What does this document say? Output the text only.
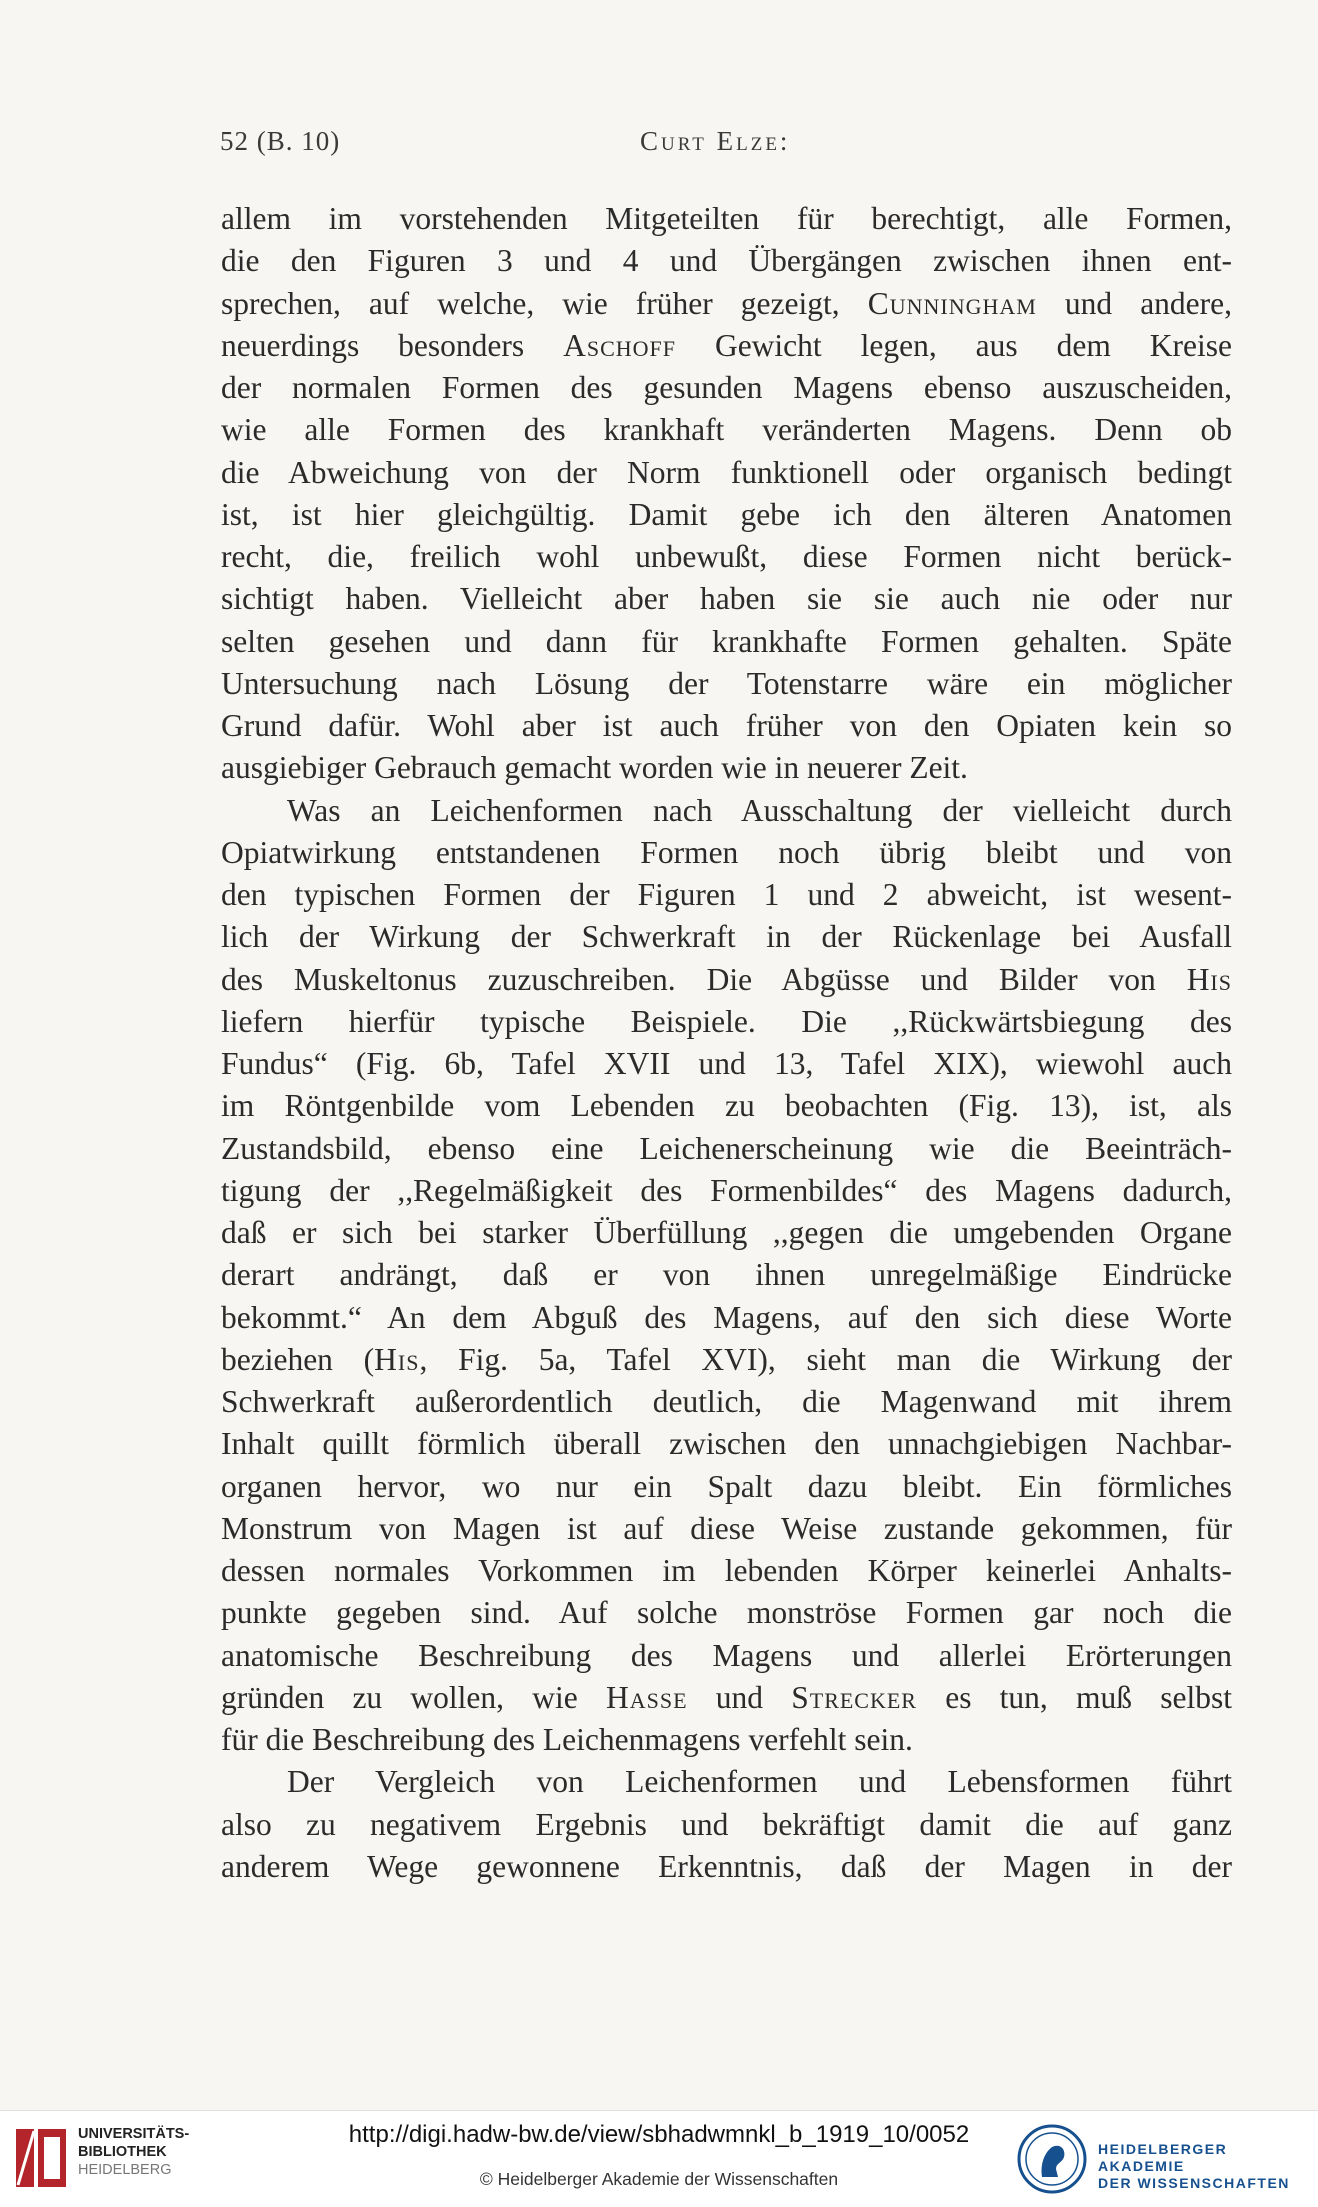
52 (B. 10)	Curt Elze:
allem im vorstehenden Mitgeteilten für berechtigt, alle Formen,
die den Figuren 3 und 4 und Übergängen zwischen ihnen ent-
sprechen, auf welche, wie früher gezeigt, Cunningham und andere,
neuerdings besonders Aschoff Gewicht legen, aus dem Kreise
der normalen Formen des gesunden Magens ebenso auszuscheiden,
wie alle Formen des krankhaft veränderten Magens. Denn ob
die Abweichung von der Norm funktionell oder organisch bedingt
ist, ist hier gleichgültig. Damit gebe ich den älteren Anatomen
recht, die, freilich wohl unbewußt, diese Formen nicht berück-
sichtigt haben. Vielleicht aber haben sie sie auch nie oder nur
selten gesehen und dann für krankhafte Formen gehalten. Späte
Untersuchung nach Lösung der Totenstarre wäre ein möglicher
Grund dafür. Wohl aber ist auch früher von den Opiaten kein so
ausgiebiger Gebrauch gemacht worden wie in neuerer Zeit.
Was an Leichenformen nach Ausschaltung der vielleicht durch
Opiatwirkung entstandenen Formen noch übrig bleibt und von
den typischen Formen der Figuren 1 und 2 abweicht, ist wesent-
lich der Wirkung der Schwerkraft in der Rückenlage bei Ausfall
des Muskeltonus zuzuschreiben. Die Abgüsse und Bilder von His
liefern hierfür typische Beispiele. Die ,,Rückwärtsbiegung des
Fundus“ (Fig. 6b, Tafel XVII und 13, Tafel XIX), wiewohl auch
im Röntgenbilde vom Lebenden zu beobachten (Fig. 13), ist, als
Zustandsbild, ebenso eine Leichenerscheinung wie die Beeinträch-
tigung der ,,Regelmäßigkeit des Formenbildes“ des Magens dadurch,
daß er sich bei starker Überfüllung ,,gegen die umgebenden Organe
derart andrängt, daß er von ihnen unregelmäßige Eindrücke
bekommt.“ An dem Abguß des Magens, auf den sich diese Worte
beziehen (His, Fig. 5a, Tafel XVI), sieht man die Wirkung der
Schwerkraft außerordentlich deutlich, die Magenwand mit ihrem
Inhalt quillt förmlich überall zwischen den unnachgiebigen Nachbar-
organen hervor, wo nur ein Spalt dazu bleibt. Ein förmliches
Monstrum von Magen ist auf diese Weise zustande gekommen, für
dessen normales Vorkommen im lebenden Körper keinerlei Anhalts-
punkte gegeben sind. Auf solche monströse Formen gar noch die
anatomische Beschreibung des Magens und allerlei Erörterungen
gründen zu wollen, wie Hasse und Strecker es tun, muß selbst
für die Beschreibung des Leichenmagens verfehlt sein.
Der Vergleich von Leichenformen und Lebensformen führt
also zu negativem Ergebnis und bekräftigt damit die auf ganz
anderem Wege gewonnene Erkenntnis, daß der Magen in der
UNIVERSITÄTS-
BIBLIOTHEK
HEIDELBERG
http://digi.hadw-bw.de/view/sbhadwmnkl_b_1919_10/0052
© Heidelberger Akademie der Wissenschaften
HEIDELBERGER AKADEMIE
DER WISSENSCHAFTEN
